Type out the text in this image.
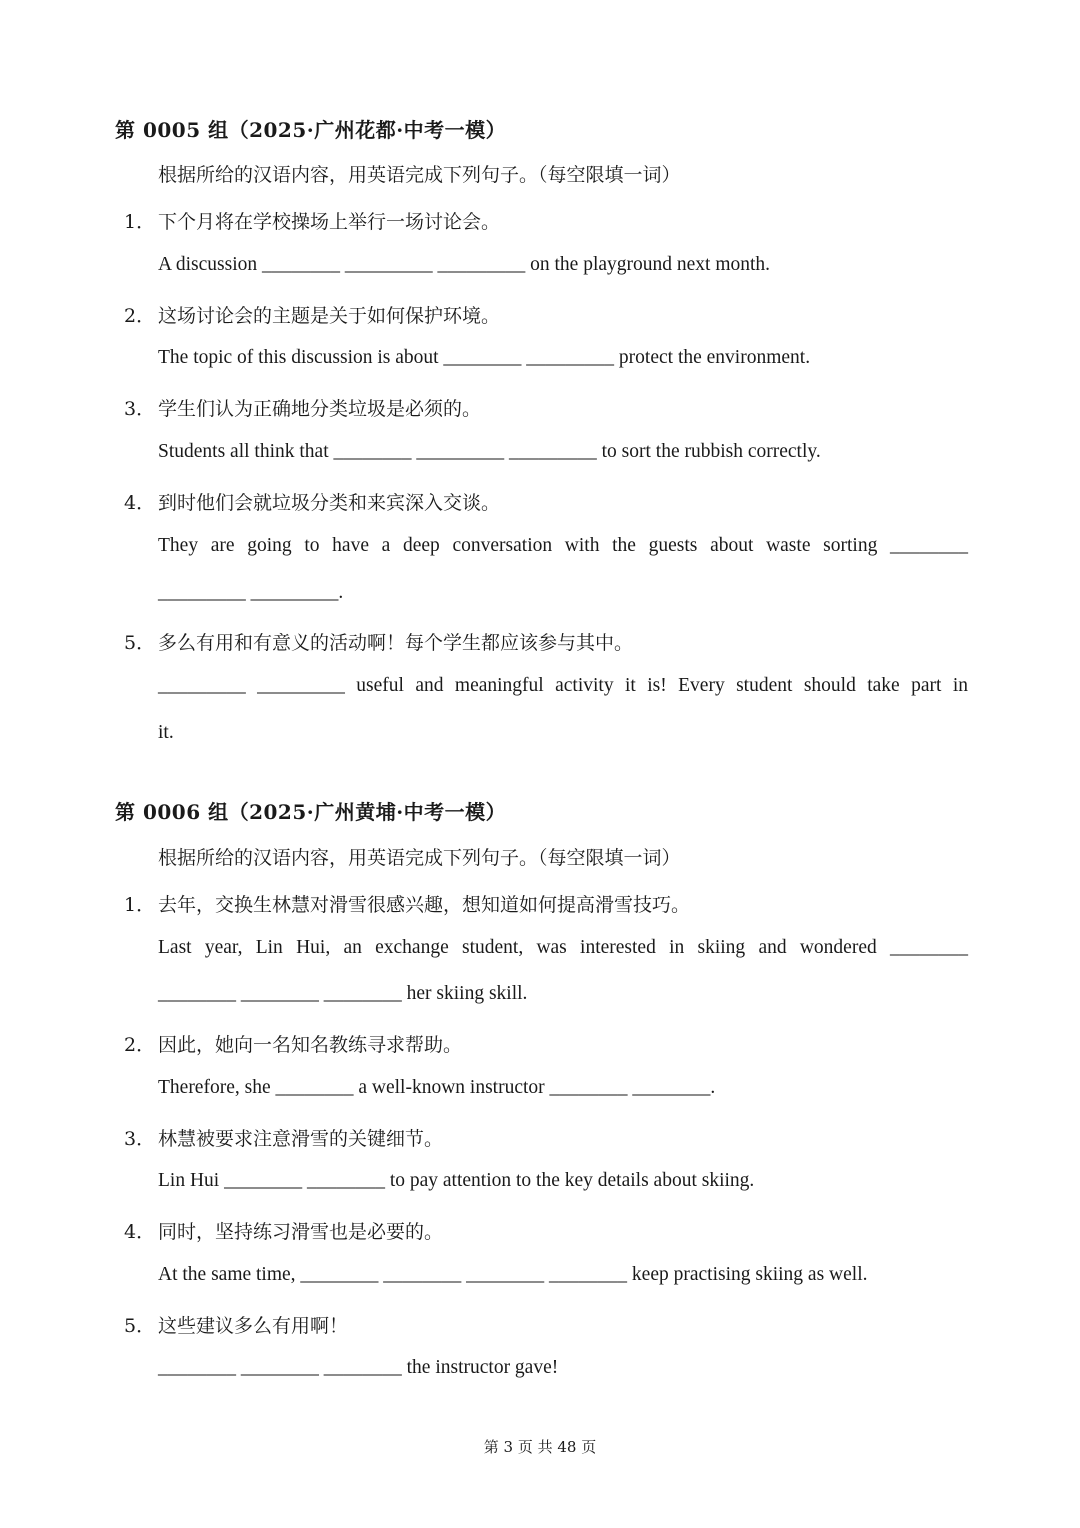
第 0005 组（2025·广州花都·中考一模）
根据所给的汉语内容，用英语完成下列句子。（每空限填一词）
1． 下个月将在学校操场上举行一场讨论会。
A discussion ________ _________ _________ on the playground next month.
2． 这场讨论会的主题是关于如何保护环境。
The topic of this discussion is about ________ _________ protect the environment.
3． 学生们认为正确地分类垃圾是必须的。
Students all think that ________ _________ _________ to sort the rubbish correctly.
4． 到时他们会就垃圾分类和来宾深入交谈。
They are going to have a deep conversation with the guests about waste sorting ________
_________ _________.
5． 多么有用和有意义的活动啊！每个学生都应该参与其中。
_________ _________ useful and meaningful activity it is! Every student should take part in
it.
第 0006 组（2025·广州黄埔·中考一模）
根据所给的汉语内容，用英语完成下列句子。（每空限填一词）
1． 去年，交换生林慧对滑雪很感兴趣，想知道如何提高滑雪技巧。
Last year, Lin Hui, an exchange student, was interested in skiing and wondered ________
________ ________ ________ her skiing skill.
2． 因此，她向一名知名教练寻求帮助。
Therefore, she ________ a well-known instructor ________ ________.
3． 林慧被要求注意滑雪的关键细节。
Lin Hui ________ ________ to pay attention to the key details about skiing.
4． 同时，坚持练习滑雪也是必要的。
At the same time, ________ ________ ________ ________ keep practising skiing as well.
5． 这些建议多么有用啊！
________ ________ ________ the instructor gave!
第 3 页 共 48 页
